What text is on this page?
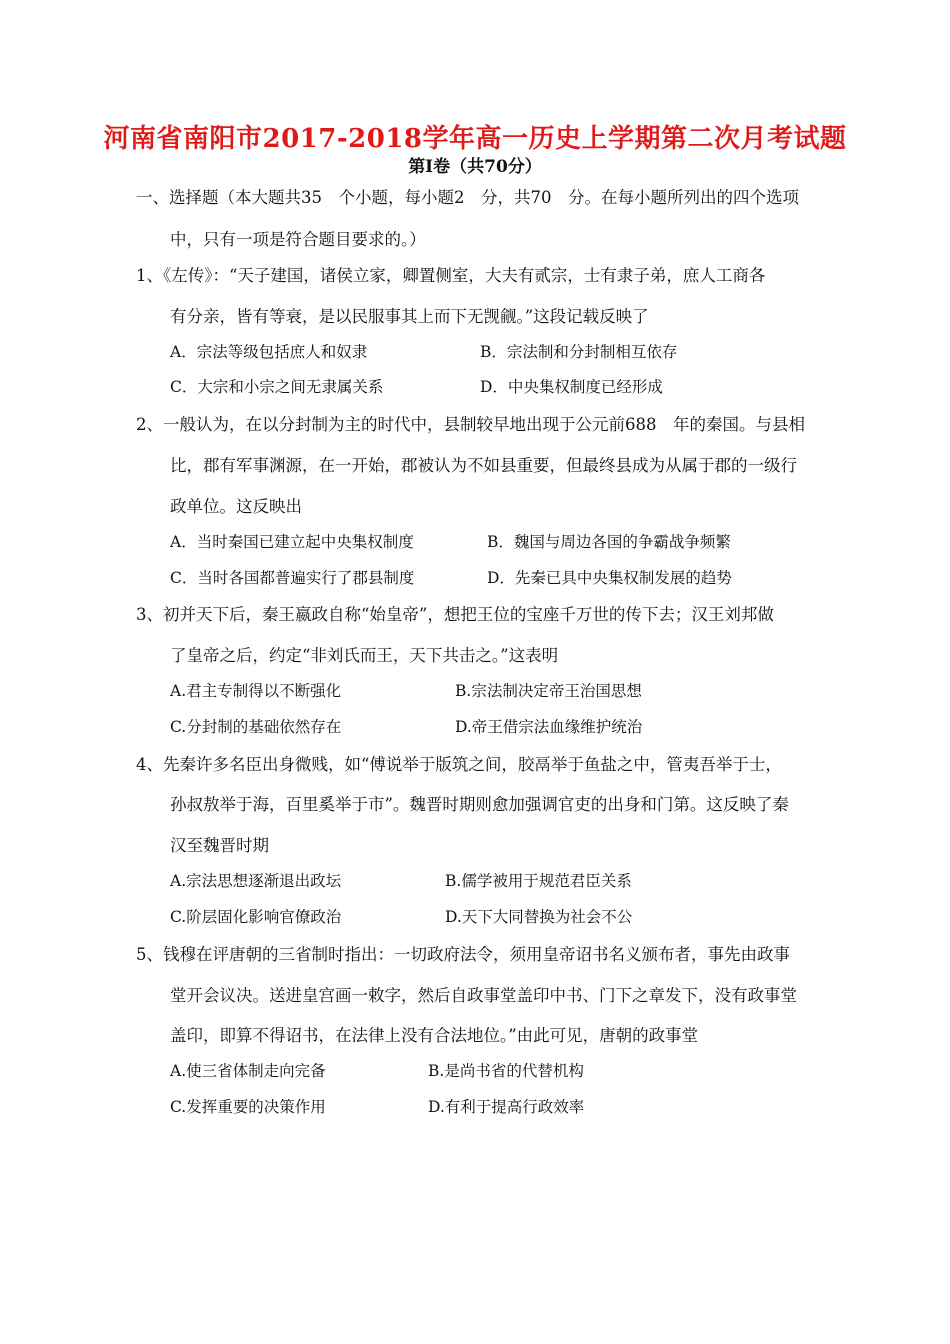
河南省南阳市2017-2018学年高一历史上学期第二次月考试题
第Ⅰ卷（共70分）
一、选择题（本大题共35　个小题，每小题2　分，共70　分。在每小题所列出的四个选项
中，只有一项是符合题目要求的。）
1、《左传》：“天子建国，诸侯立家，卿置侧室，大夫有贰宗，士有隶子弟，庶人工商各
有分亲，皆有等衰，是以民服事其上而下无觊觎。”这段记载反映了
A．宗法等级包括庶人和奴隶	B．宗法制和分封制相互依存
C．大宗和小宗之间无隶属关系	D．中央集权制度已经形成
2、一般认为，在以分封制为主的时代中，县制较早地出现于公元前688　年的秦国。与县相
比，郡有军事渊源，在一开始，郡被认为不如县重要，但最终县成为从属于郡的一级行
政单位。这反映出
A．当时秦国已建立起中央集权制度	B．魏国与周边各国的争霸战争频繁
C．当时各国都普遍实行了郡县制度	D．先秦已具中央集权制发展的趋势
3、初并天下后，秦王嬴政自称“始皇帝”，想把王位的宝座千万世的传下去；汉王刘邦做
了皇帝之后，约定“非刘氏而王，天下共击之。”这表明
A.君主专制得以不断强化	B.宗法制决定帝王治国思想
C.分封制的基础依然存在	D.帝王借宗法血缘维护统治
4、先秦许多名臣出身微贱，如“傅说举于版筑之间，胶鬲举于鱼盐之中，管夷吾举于士，
孙叔敖举于海，百里奚举于市”。魏晋时期则愈加强调官吏的出身和门第。这反映了秦
汉至魏晋时期
A.宗法思想逐渐退出政坛	B.儒学被用于规范君臣关系
C.阶层固化影响官僚政治	D.天下大同替换为社会不公
5、钱穆在评唐朝的三省制时指出：一切政府法令，须用皇帝诏书名义颁布者，事先由政事
堂开会议决。送进皇宫画一敕字，然后自政事堂盖印中书、门下之章发下，没有政事堂
盖印，即算不得诏书，在法律上没有合法地位。”由此可见，唐朝的政事堂
A.使三省体制走向完备	B.是尚书省的代替机构
C.发挥重要的决策作用	D.有利于提高行政效率
